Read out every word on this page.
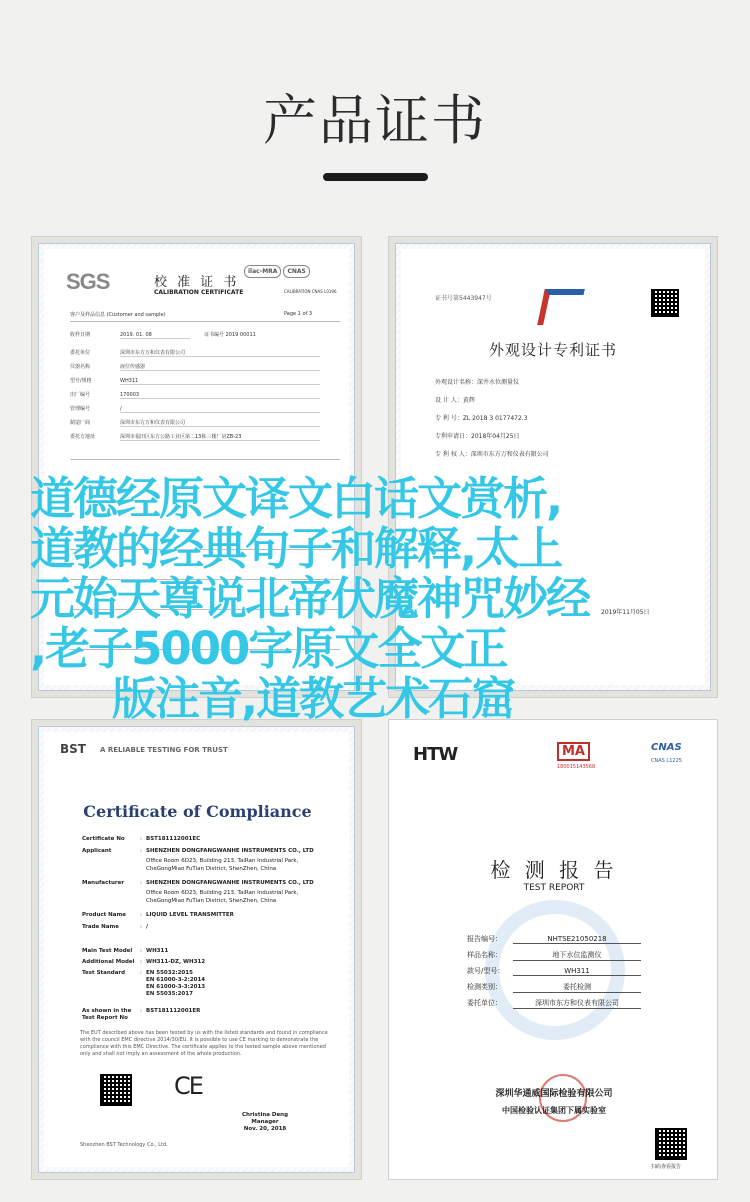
产品证书
SGS	校 准 证 书
CALIBRATION CERTIFICATE
ilac-MRA	CNAS
CALIBRATION CNAS L0196
Page 1 of 3
客户及样品信息 (Customer and sample)
收样日期	2019. 01. 08	证书编号 2019 00011
委托单位	深圳市东方万和仪表有限公司
仪器名称	液位传感器
型号/规格	WH311
出厂编号	170003
管理编号	/
制造厂商	深圳市东方万和仪表有限公司
委托方地址	深圳市福田区东方公路工业区第二13栋三楼厂房ZB-23
证书号第5443947号
外观设计专利证书
外观设计名称：深井水位测量仪
设 计 人：黄辉
专 利 号：ZL 2018 3 0177472.3
专利申请日：2018年04月25日
专 利 权 人：深圳市东方万和仪表有限公司
2019年11月05日
BST A RELIABLE TESTING FOR TRUST
Certificate of Compliance
Certificate No	: BST181112001EC
Applicant	: SHENZHEN DONGFANGWANHE INSTRUMENTS CO., LTD
Office Room 6D23, Building 213, TaiRan Industrial Park,
CheGongMiao FuTian District, ShenZhen, China
Manufacturer	: SHENZHEN DONGFANGWANHE INSTRUMENTS CO., LTD
Office Room 6D23, Building 213, TaiRan Industrial Park,
CheGongMiao FuTian District, ShenZhen, China
Product Name	: LIQUID LEVEL TRANSMITTER
Trade Name	: /
Main Test Model : WH311
Additional Model : WH311-DZ, WH312
Test Standard	: EN 55032:2015
EN 61000-3-2:2014
EN 61000-3-3:2013
EN 55035:2017
As shown in the Test Report No: BST181112001ER
The EUT described above has been tested by us with the listed standards and found in compliance with the council EMC directive 2014/30/EU. It is possible to use CE marking to demonstrate the compliance with this EMC Directive. The certificate applies to the tested sample above mentioned only and shall not imply an assessment of the whole production.
CE
Christina Deng
Manager
Nov. 20, 2018
Shenzhen BST Technology Co., Ltd.
HTW	MA
180015143568
CNAS
CNAS L1225
检 测 报 告
TEST REPORT
报告编号：	NHTSE21050218
样品名称：	地下水位监测仪
款号/型号：	WH311
检测类别：	委托检测
委托单位：	深圳市东方和仪表有限公司
深圳华通威国际检验有限公司
中国检验认证集团下属实验室
扫码查看报告
道德经原文译文白话文赏析,
道教的经典句子和解释,太上
元始天尊说北帝伏魔神咒妙经
,老子5000字原文全文正
版注音,道教艺术石窟
